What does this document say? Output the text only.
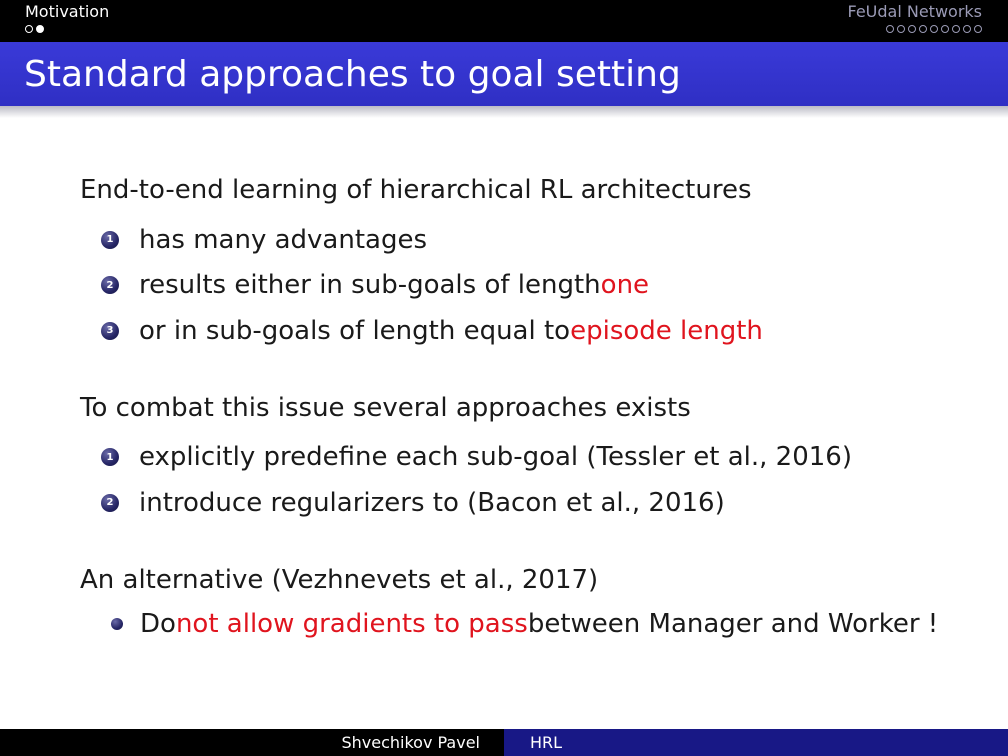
Motivation	FeUdal Networks
Standard approaches to goal setting
End-to-end learning of hierarchical RL architectures
1 has many advantages
2 results either in sub-goals of length one
3 or in sub-goals of length equal to episode length
To combat this issue several approaches exists
1 explicitly predefine each sub-goal (Tessler et al., 2016)
2 introduce regularizers to (Bacon et al., 2016)
An alternative (Vezhnevets et al., 2017)
Do not allow gradients to pass between Manager and Worker !
Shvechikov Pavel	HRL
